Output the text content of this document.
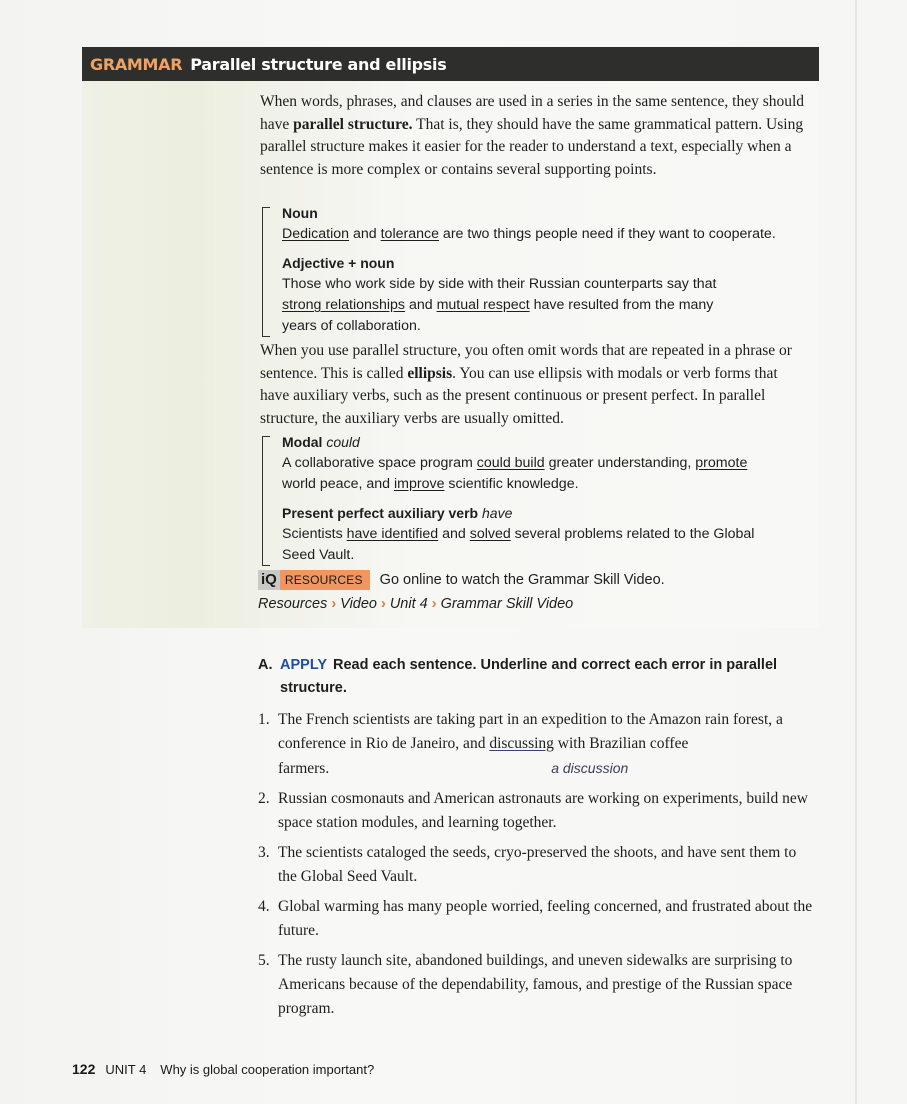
GRAMMAR Parallel structure and ellipsis
When words, phrases, and clauses are used in a series in the same sentence, they should have parallel structure. That is, they should have the same grammatical pattern. Using parallel structure makes it easier for the reader to understand a text, especially when a sentence is more complex or contains several supporting points.
Noun
Dedication and tolerance are two things people need if they want to cooperate.
Adjective + noun
Those who work side by side with their Russian counterparts say that strong relationships and mutual respect have resulted from the many years of collaboration.
When you use parallel structure, you often omit words that are repeated in a phrase or sentence. This is called ellipsis. You can use ellipsis with modals or verb forms that have auxiliary verbs, such as the present continuous or present perfect. In parallel structure, the auxiliary verbs are usually omitted.
Modal could
A collaborative space program could build greater understanding, promote world peace, and improve scientific knowledge.
Present perfect auxiliary verb have
Scientists have identified and solved several problems related to the Global Seed Vault.
iQ RESOURCES	Go online to watch the Grammar Skill Video.
Resources › Video › Unit 4 › Grammar Skill Video
A. APPLY Read each sentence. Underline and correct each error in parallel structure.
1. The French scientists are taking part in an expedition to the Amazon rain forest, a conference in Rio de Janeiro, and discussing with Brazilian coffee farmers.	a discussion
2. Russian cosmonauts and American astronauts are working on experiments, build new space station modules, and learning together.
3. The scientists cataloged the seeds, cryo-preserved the shoots, and have sent them to the Global Seed Vault.
4. Global warming has many people worried, feeling concerned, and frustrated about the future.
5. The rusty launch site, abandoned buildings, and uneven sidewalks are surprising to Americans because of the dependability, famous, and prestige of the Russian space program.
122 UNIT 4 Why is global cooperation important?
